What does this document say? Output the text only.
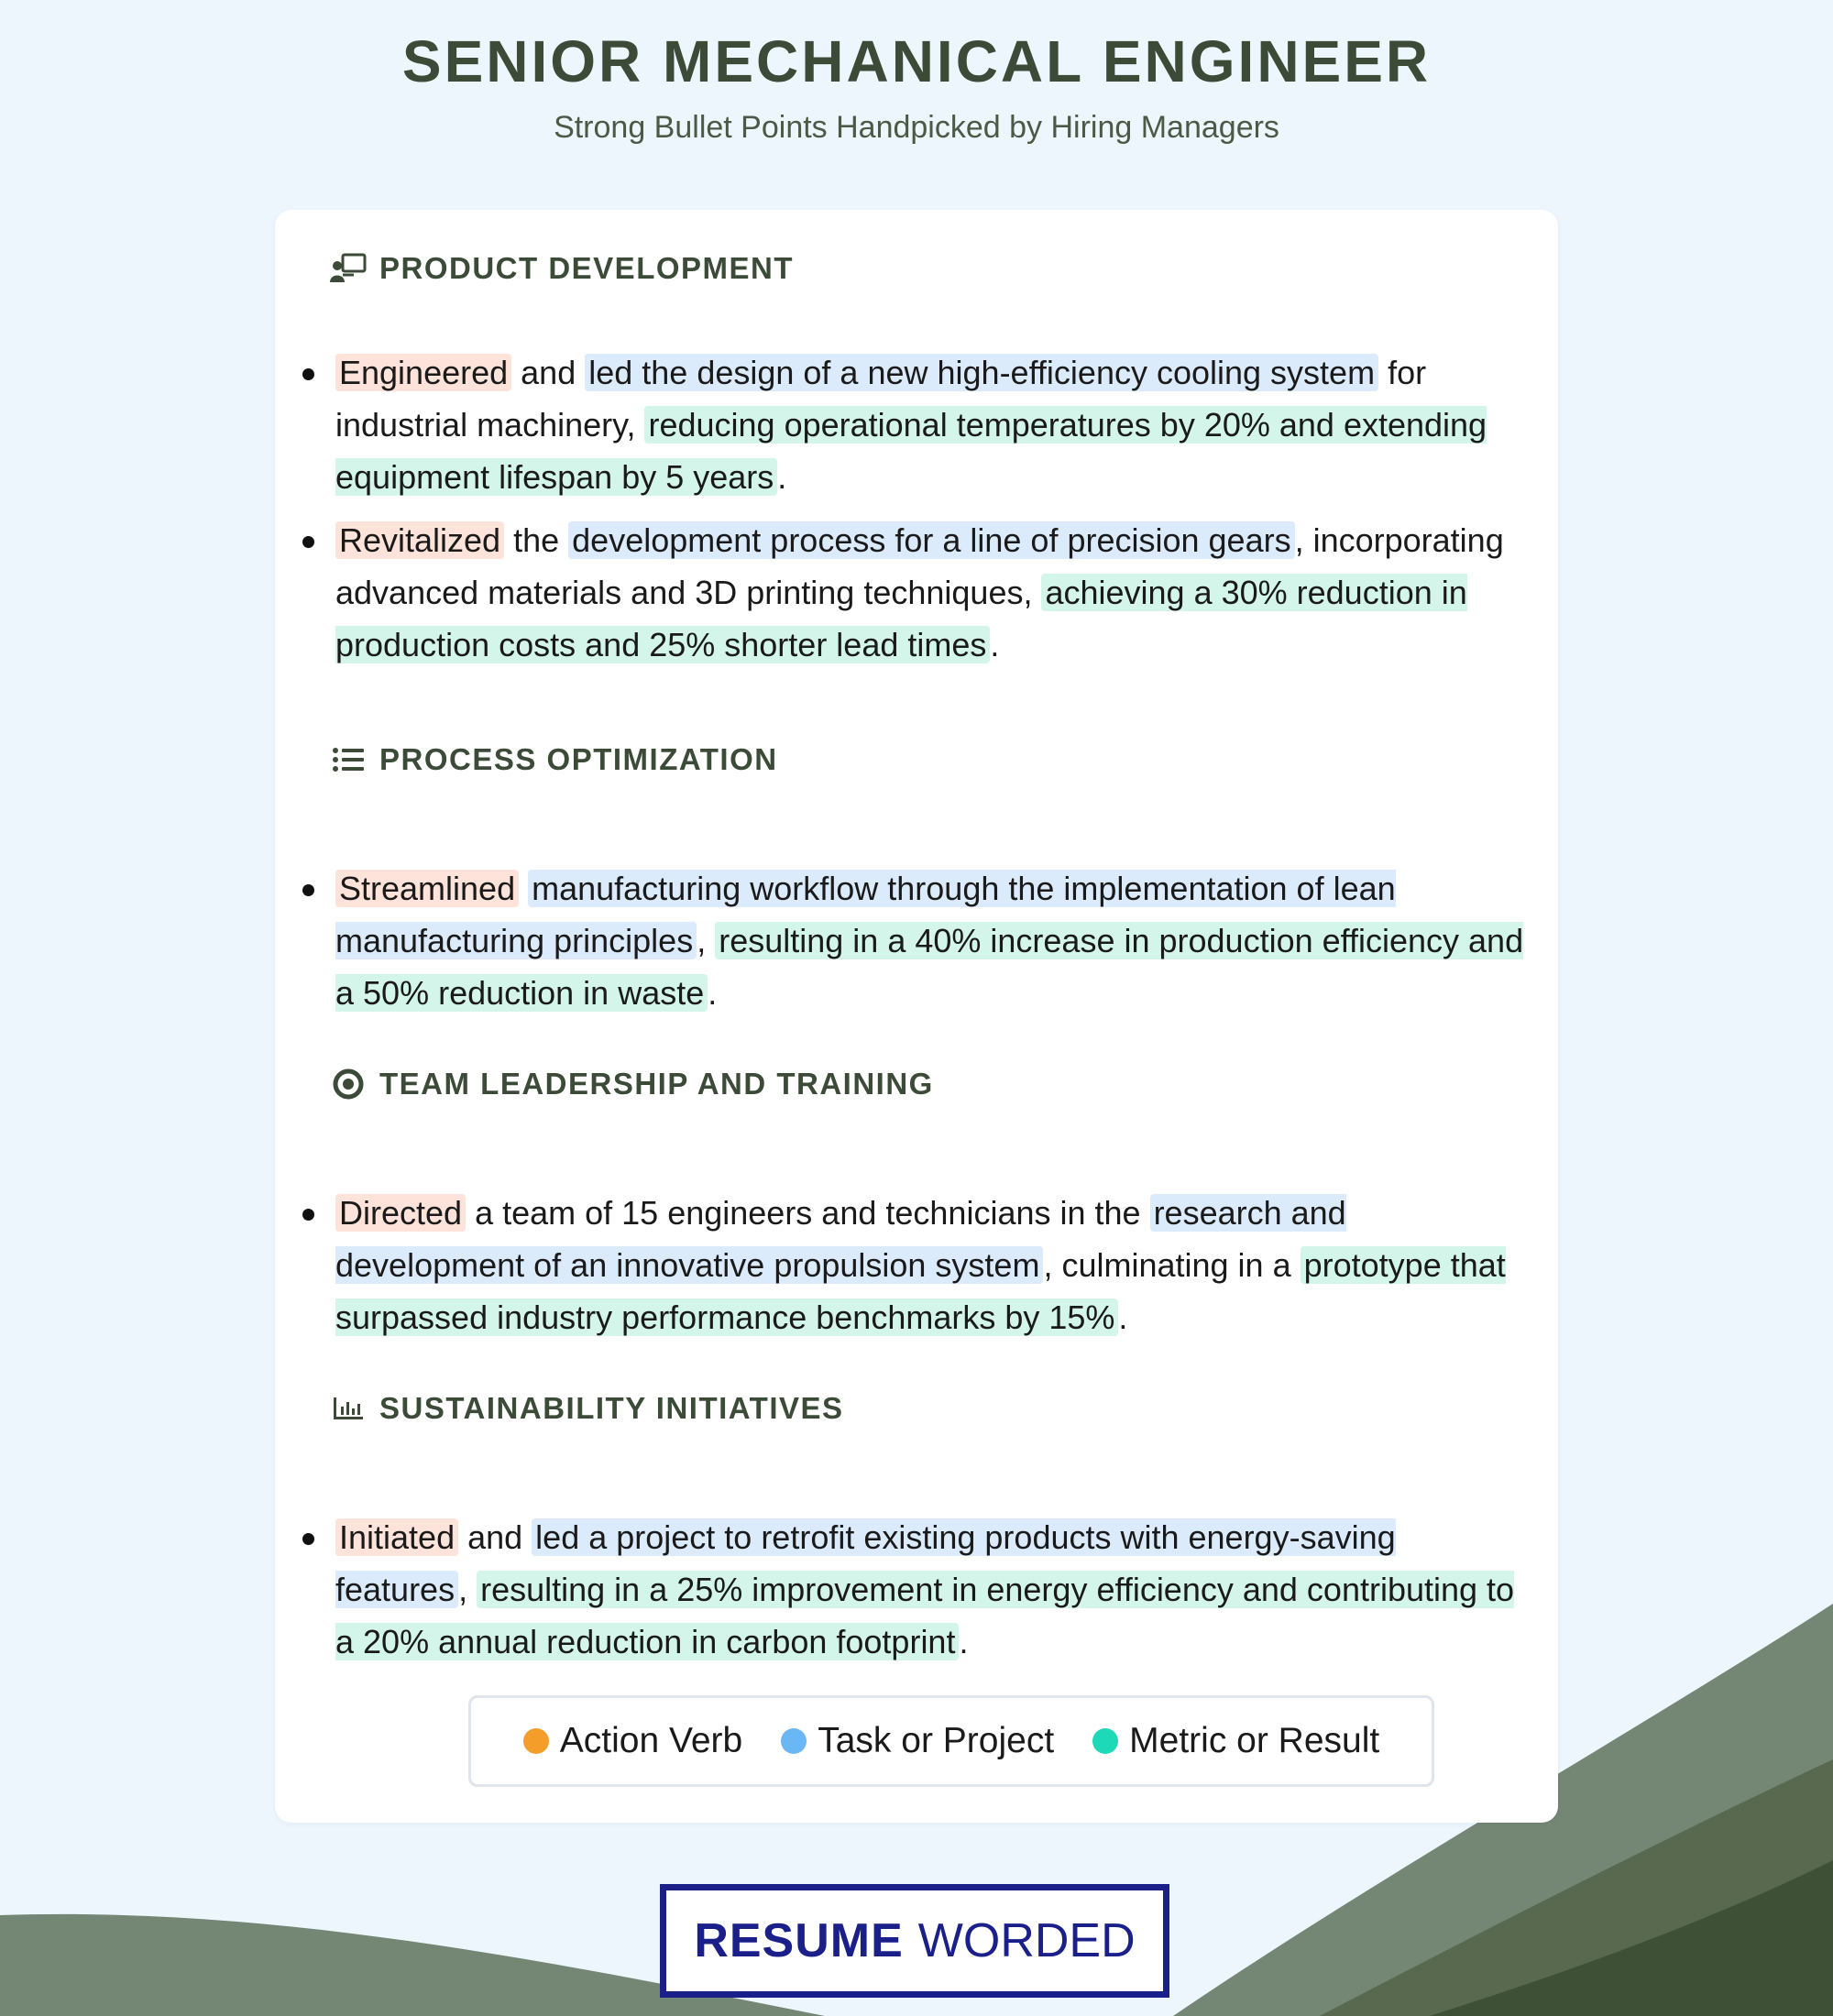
SENIOR MECHANICAL ENGINEER
Strong Bullet Points Handpicked by Hiring Managers
PRODUCT DEVELOPMENT
PROCESS OPTIMIZATION
TEAM LEADERSHIP AND TRAINING
SUSTAINABILITY INITIATIVES
Engineered and led the design of a new high-efficiency cooling system for industrial machinery, reducing operational temperatures by 20% and extending equipment lifespan by 5 years .
Revitalized the development process for a line of precision gears , incorporating advanced materials and 3D printing techniques, achieving a 30% reduction in production costs and 25% shorter lead times .
Streamlined manufacturing workflow through the implementation of lean manufacturing principles , resulting in a 40% increase in production efficiency and a 50% reduction in waste .
Directed a team of 15 engineers and technicians in the research and development of an innovative propulsion system , culminating in a prototype that surpassed industry performance benchmarks by 15% .
Initiated and led a project to retrofit existing products with energy-saving features , resulting in a 25% improvement in energy efficiency and contributing to a 20% annual reduction in carbon footprint .
Action Verb Task or Project Metric or Result
RESUME WORDED
